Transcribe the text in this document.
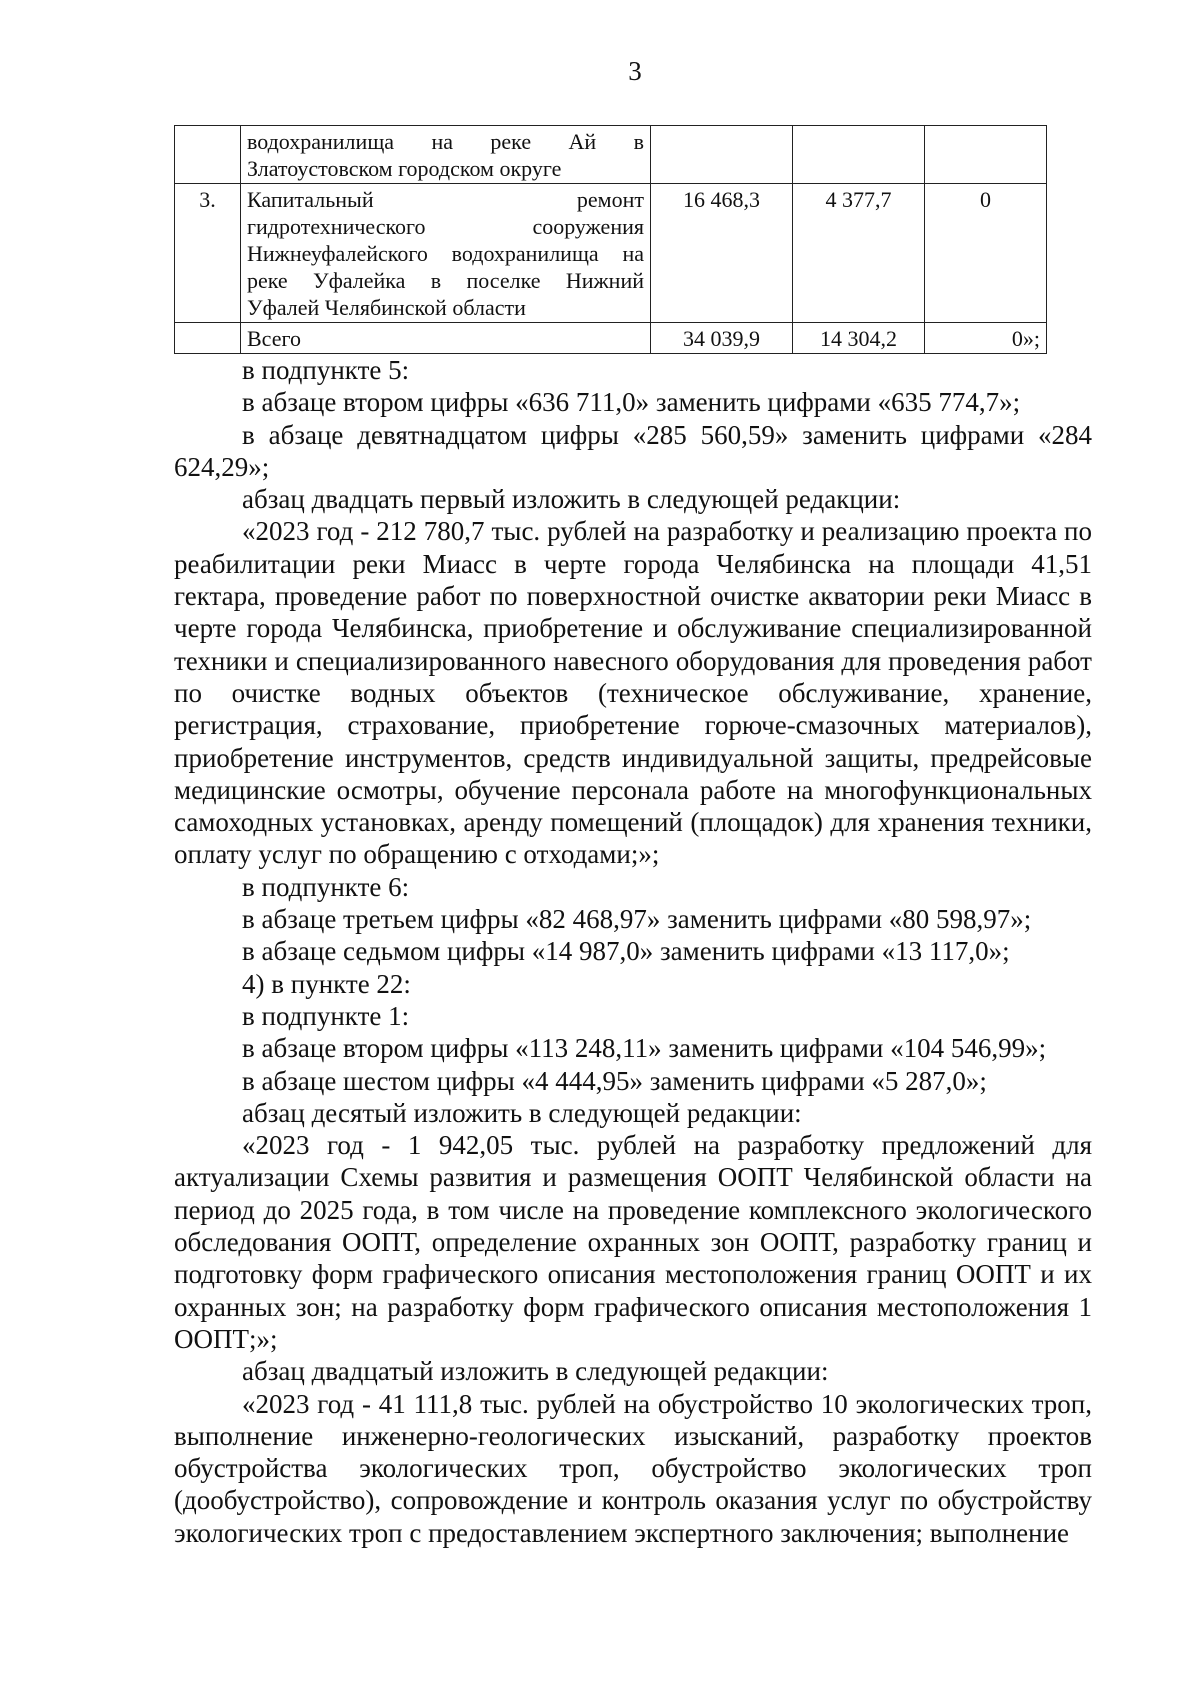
3

	водохранилища на реке Ай в
Златоустовском городском округе			

3.	Капитальный ремонт
гидротехнического сооружения
Нижнеуфалейского водохранилища на
реке Уфалейка в поселке Нижний
Уфалей Челябинской области	16 468,3	4 377,7	0
	Всего	34 039,9	14 304,2	0»;

в подпункте 5:

в абзаце втором цифры «636 711,0» заменить цифрами «635 774,7»;

в абзаце девятнадцатом цифры «285 560,59» заменить цифрами «284 624,29»;

абзац двадцать первый изложить в следующей редакции:

«2023 год - 212 780,7 тыс. рублей на разработку и реализацию проекта по реабилитации реки Миасс в черте города Челябинска на площади 41,51 гектара, проведение работ по поверхностной очистке акватории реки Миасс в черте города Челябинска, приобретение и обслуживание специализированной техники и специализированного навесного оборудования для проведения работ по очистке водных объектов (техническое обслуживание, хранение, регистрация, страхование, приобретение горюче-смазочных материалов), приобретение инструментов, средств индивидуальной защиты, предрейсовые медицинские осмотры, обучение персонала работе на многофункциональных самоходных установках, аренду помещений (площадок) для хранения техники, оплату услуг по обращению с отходами;»;

в подпункте 6:

в абзаце третьем цифры «82 468,97» заменить цифрами «80 598,97»;

в абзаце седьмом цифры «14 987,0» заменить цифрами «13 117,0»;

4) в пункте 22:

в подпункте 1:

в абзаце втором цифры «113 248,11» заменить цифрами «104 546,99»;

в абзаце шестом цифры «4 444,95» заменить цифрами «5 287,0»;

абзац десятый изложить в следующей редакции:

«2023 год - 1 942,05 тыс. рублей на разработку предложений для актуализации Схемы развития и размещения ООПТ Челябинской области на период до 2025 года, в том числе на проведение комплексного экологического обследования ООПТ, определение охранных зон ООПТ, разработку границ и подготовку форм графического описания местоположения границ ООПТ и их охранных зон; на разработку форм графического описания местоположения 1 ООПТ;»;

абзац двадцатый изложить в следующей редакции:

«2023 год - 41 111,8 тыс. рублей на обустройство 10 экологических троп, выполнение инженерно-геологических изысканий, разработку проектов обустройства экологических троп, обустройство экологических троп (дообустройство), сопровождение и контроль оказания услуг по обустройству экологических троп с предоставлением экспертного заключения; выполнение
